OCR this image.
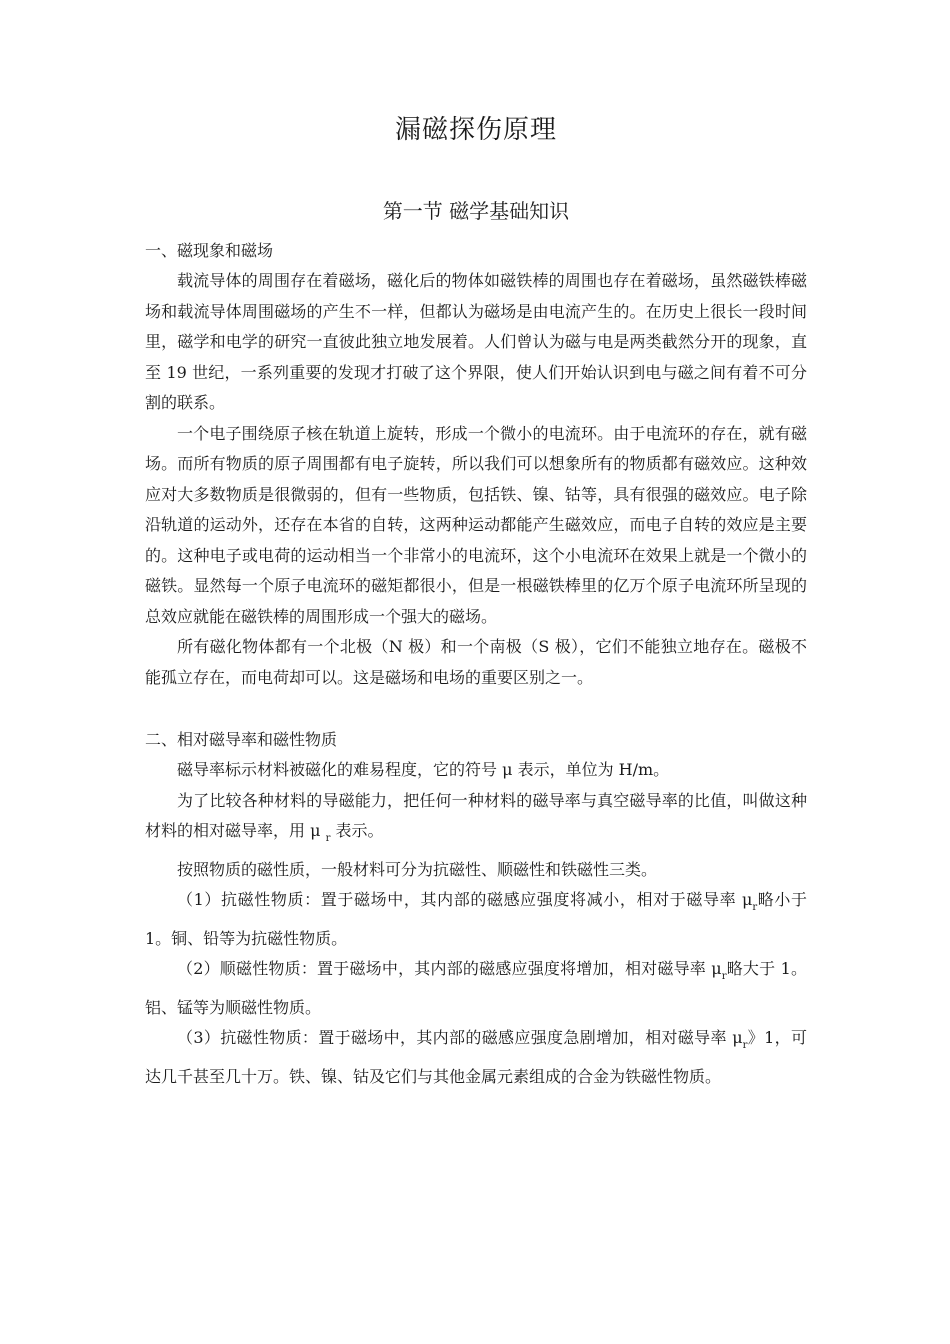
漏磁探伤原理
第一节 磁学基础知识

一、磁现象和磁场

载流导体的周围存在着磁场，磁化后的物体如磁铁棒的周围也存在着磁场，虽然磁铁棒磁场和载流导体周围磁场的产生不一样，但都认为磁场是由电流产生的。在历史上很长一段时间里，磁学和电学的研究一直彼此独立地发展着。人们曾认为磁与电是两类截然分开的现象，直至 19 世纪，一系列重要的发现才打破了这个界限，使人们开始认识到电与磁之间有着不可分割的联系。

一个电子围绕原子核在轨道上旋转，形成一个微小的电流环。由于电流环的存在，就有磁场。而所有物质的原子周围都有电子旋转，所以我们可以想象所有的物质都有磁效应。这种效应对大多数物质是很微弱的，但有一些物质，包括铁、镍、钴等，具有很强的磁效应。电子除沿轨道的运动外，还存在本省的自转，这两种运动都能产生磁效应，而电子自转的效应是主要的。这种电子或电荷的运动相当一个非常小的电流环，这个小电流环在效果上就是一个微小的磁铁。显然每一个原子电流环的磁矩都很小，但是一根磁铁棒里的亿万个原子电流环所呈现的总效应就能在磁铁棒的周围形成一个强大的磁场。

所有磁化物体都有一个北极（N 极）和一个南极（S 极），它们不能独立地存在。磁极不能孤立存在，而电荷却可以。这是磁场和电场的重要区别之一。

二、相对磁导率和磁性物质

磁导率标示材料被磁化的难易程度，它的符号 μ 表示，单位为 H/m。

为了比较各种材料的导磁能力，把任何一种材料的磁导率与真空磁导率的比值，叫做这种材料的相对磁导率，用 μ $_r$ 表示。

按照物质的磁性质，一般材料可分为抗磁性、顺磁性和铁磁性三类。

（1）抗磁性物质：置于磁场中，其内部的磁感应强度将减小，相对于磁导率 $\mu_r$略小于 1。铜、铅等为抗磁性物质。

（2）顺磁性物质：置于磁场中，其内部的磁感应强度将增加，相对磁导率 $\mu_r$略大于 1。铝、锰等为顺磁性物质。

（3）抗磁性物质：置于磁场中，其内部的磁感应强度急剧增加，相对磁导率 $\mu_r$》1，可达几千甚至几十万。铁、镍、钴及它们与其他金属元素组成的合金为铁磁性物质。
